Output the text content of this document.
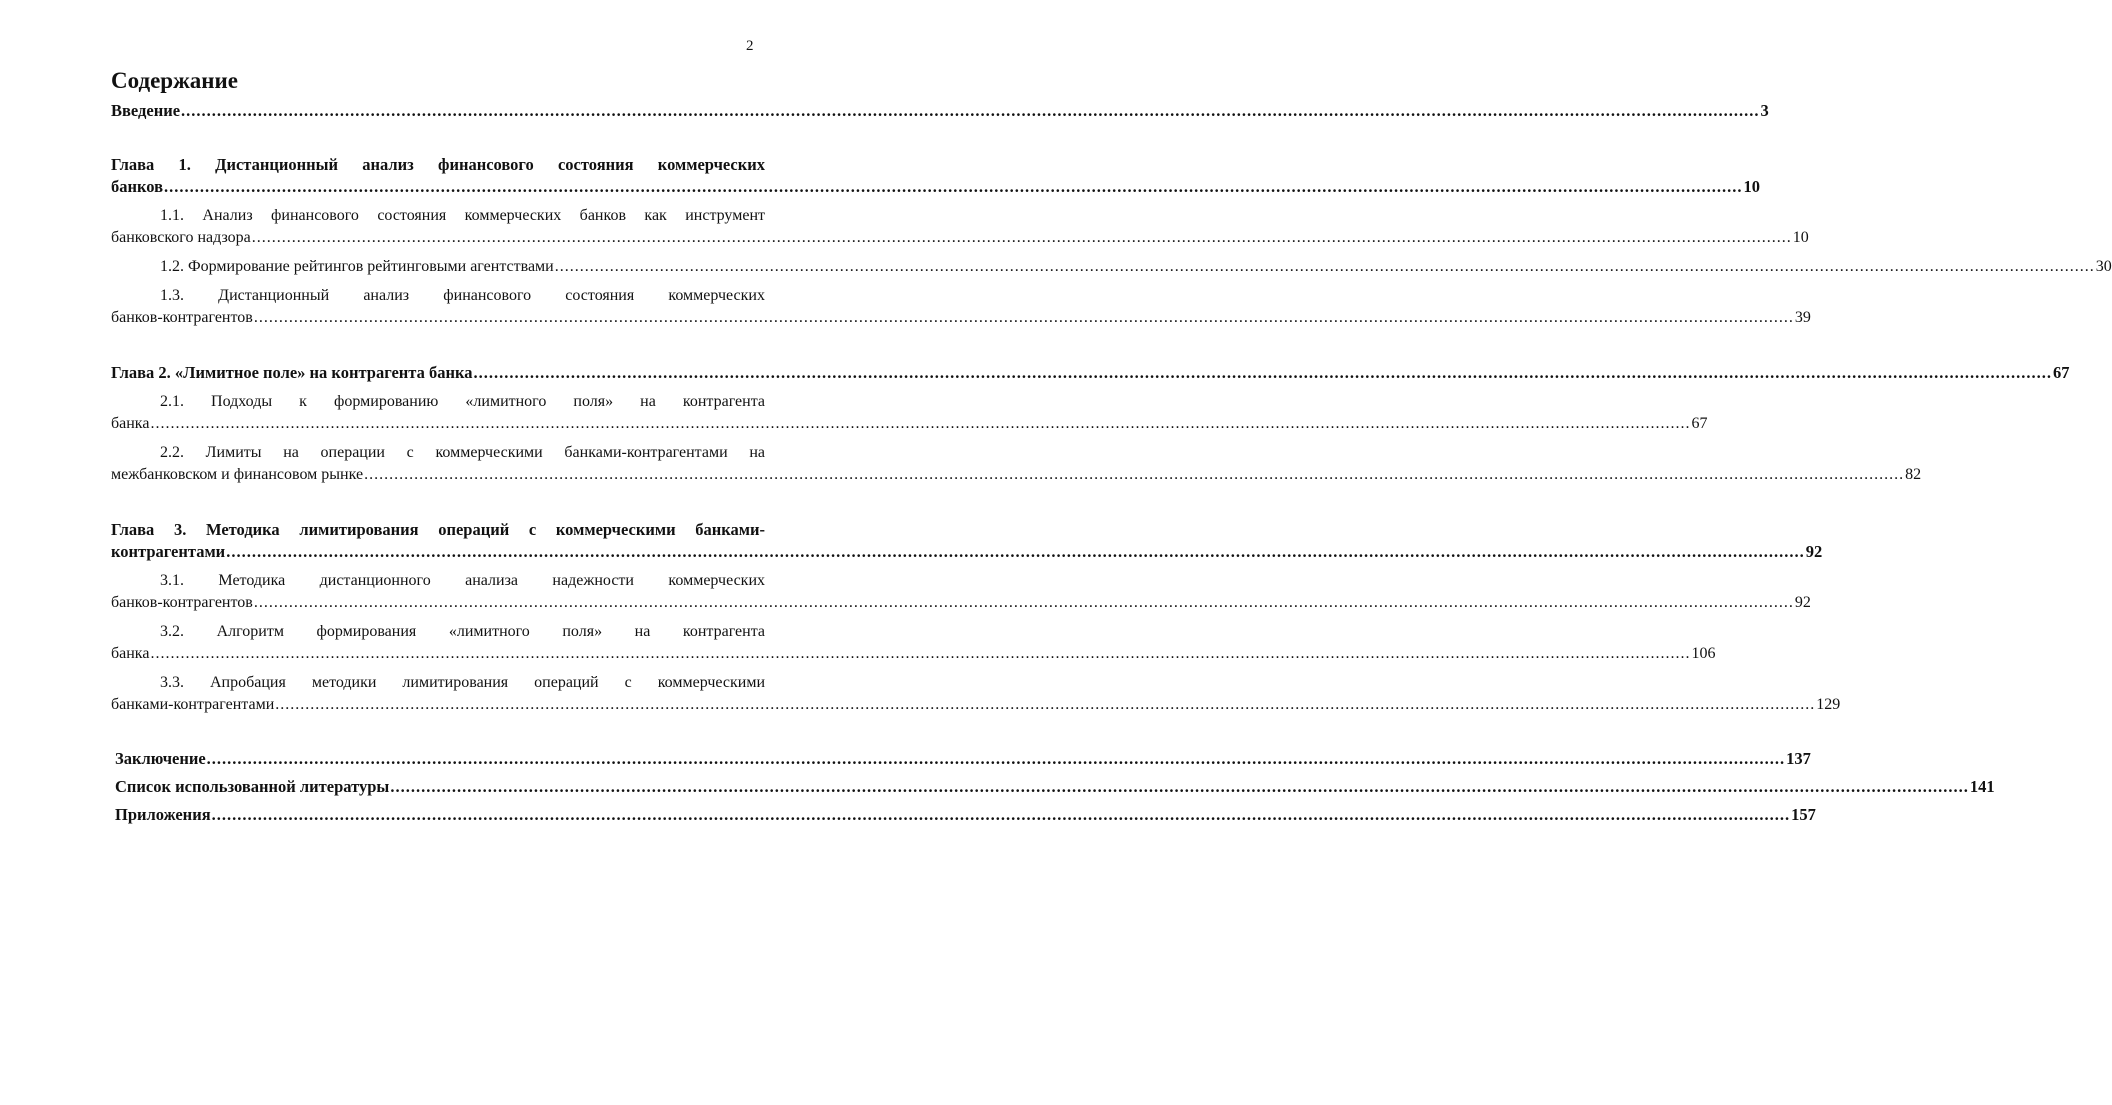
2
Содержание
Введение .....	3
Глава 1. Дистанционный анализ финансового состояния коммерческих
банков .....	10
1.1. Анализ финансового состояния коммерческих банков как инструмент
банковского надзора .....	10
1.2. Формирование рейтингов рейтинговыми агентствами .....	30
1.3. Дистанционный анализ финансового состояния коммерческих
банков-контрагентов .....	39
Глава 2. «Лимитное поле» на контрагента банка .....	67
2.1. Подходы к формированию «лимитного поля» на контрагента
банка .....	67
2.2. Лимиты на операции с коммерческими банками-контрагентами на
межбанковском и финансовом рынке .....	82
Глава 3. Методика лимитирования операций с коммерческими банками-
контрагентами .....	92
3.1. Методика дистанционного анализа надежности коммерческих
банков-контрагентов .....	92
3.2. Алгоритм формирования «лимитного поля» на контрагента
банка .....	106
3.3. Апробация методики лимитирования операций с коммерческими
банками-контрагентами .....	129
Заключение .....	137
Список использованной литературы .....	141
Приложения .....	157
